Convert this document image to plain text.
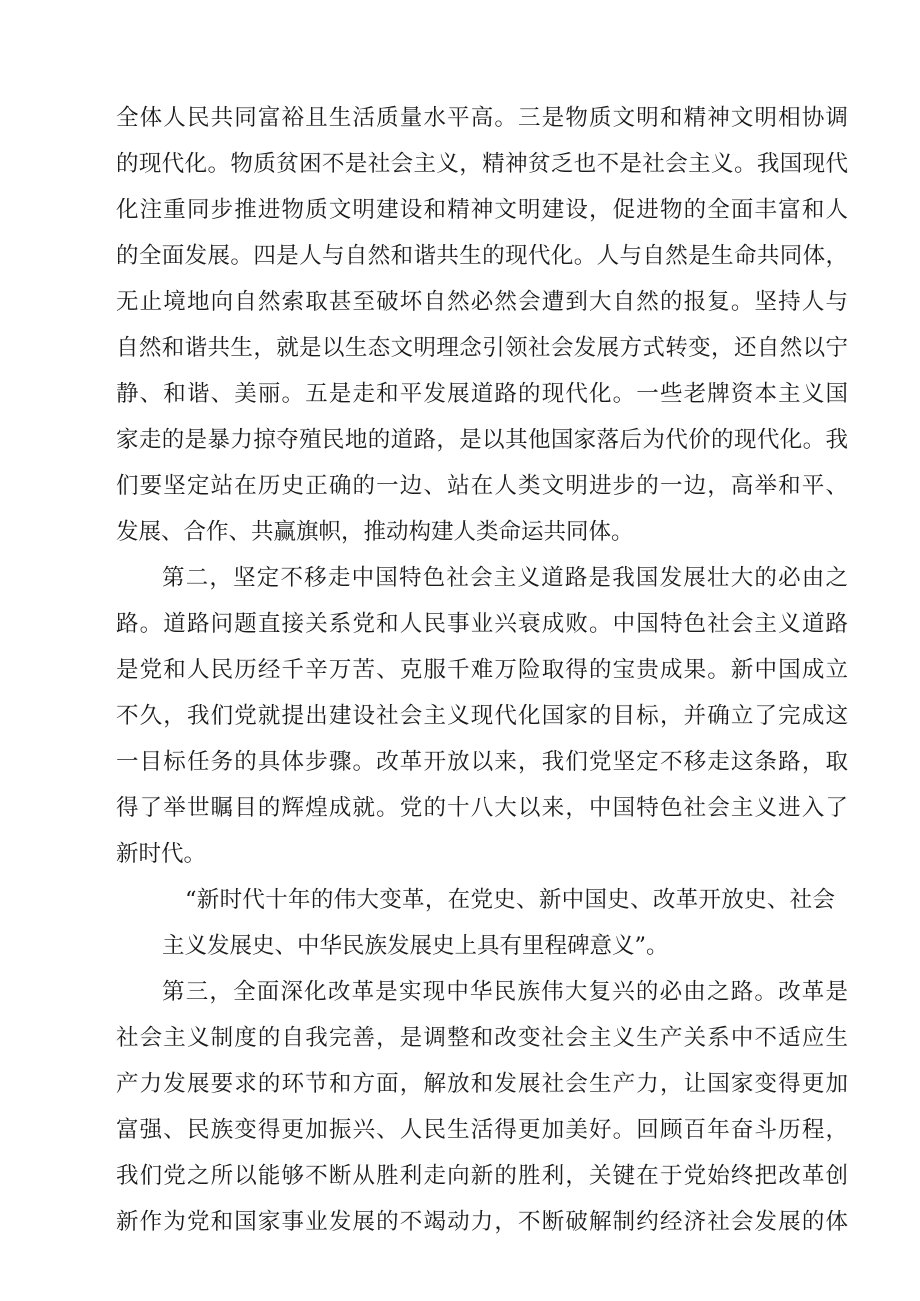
全体人民共同富裕且生活质量水平高。三是物质文明和精神文明相协调
的现代化。物质贫困不是社会主义，精神贫乏也不是社会主义。我国现代
化注重同步推进物质文明建设和精神文明建设，促进物的全面丰富和人
的全面发展。四是人与自然和谐共生的现代化。人与自然是生命共同体，
无止境地向自然索取甚至破坏自然必然会遭到大自然的报复。坚持人与
自然和谐共生，就是以生态文明理念引领社会发展方式转变，还自然以宁
静、和谐、美丽。五是走和平发展道路的现代化。一些老牌资本主义国
家走的是暴力掠夺殖民地的道路，是以其他国家落后为代价的现代化。我
们要坚定站在历史正确的一边、站在人类文明进步的一边，高举和平、
发展、合作、共赢旗帜，推动构建人类命运共同体。
第二，坚定不移走中国特色社会主义道路是我国发展壮大的必由之
路。道路问题直接关系党和人民事业兴衰成败。中国特色社会主义道路
是党和人民历经千辛万苦、克服千难万险取得的宝贵成果。新中国成立
不久，我们党就提出建设社会主义现代化国家的目标，并确立了完成这
一目标任务的具体步骤。改革开放以来，我们党坚定不移走这条路，取
得了举世瞩目的辉煌成就。党的十八大以来，中国特色社会主义进入了
新时代。
“新时代十年的伟大变革，在党史、新中国史、改革开放史、社会
主义发展史、中华民族发展史上具有里程碑意义”。
第三，全面深化改革是实现中华民族伟大复兴的必由之路。改革是
社会主义制度的自我完善，是调整和改变社会主义生产关系中不适应生
产力发展要求的环节和方面，解放和发展社会生产力，让国家变得更加
富强、民族变得更加振兴、人民生活得更加美好。回顾百年奋斗历程，
我们党之所以能够不断从胜利走向新的胜利，关键在于党始终把改革创
新作为党和国家事业发展的不竭动力，不断破解制约经济社会发展的体
